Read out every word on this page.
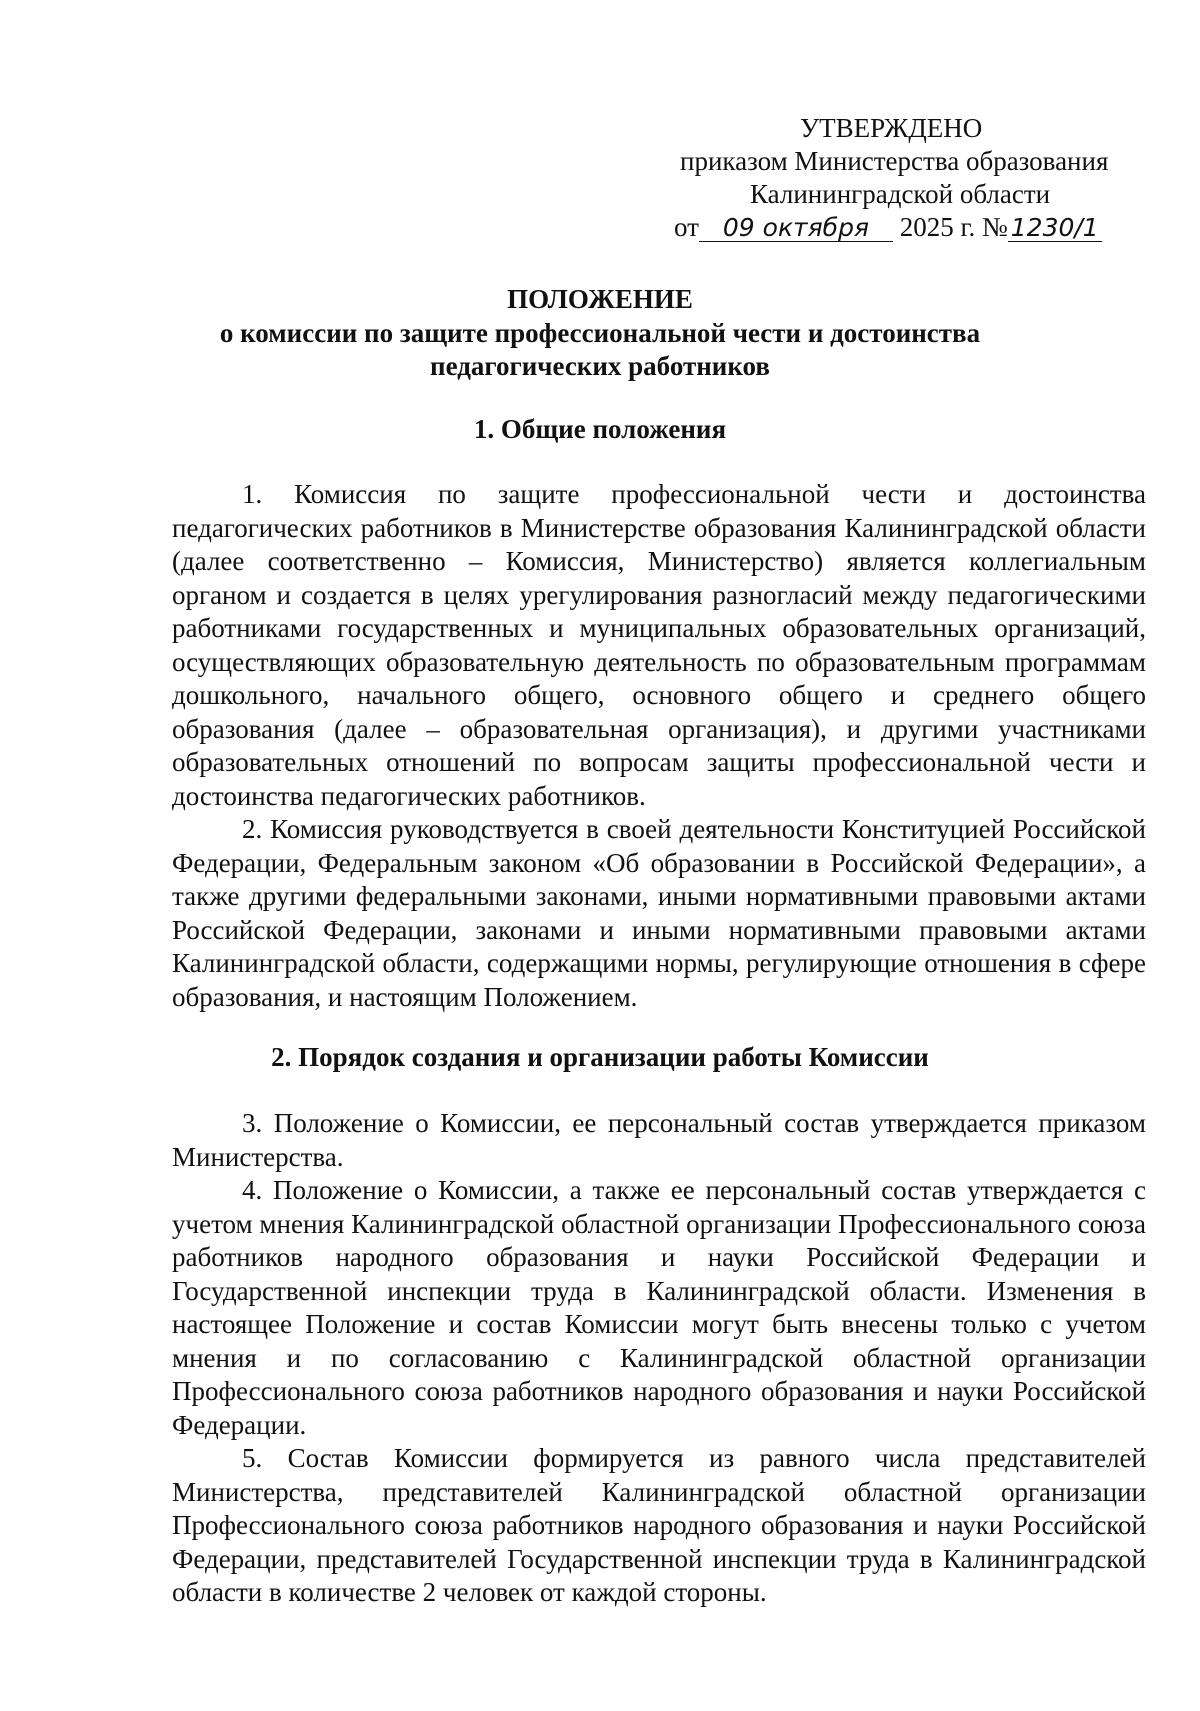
УТВЕРЖДЕНО
приказом Министерства образования
Калининградской области
от 09 октября 2025 г. № 1230/1
ПОЛОЖЕНИЕ
о комиссии по защите профессиональной чести и достоинства
педагогических работников
1. Общие положения

1. Комиссия по защите профессиональной чести и достоинства педагогических работников в Министерстве образования Калининградской области (далее соответственно – Комиссия, Министерство) является коллегиальным органом и создается в целях урегулирования разногласий между педагогическими работниками государственных и муниципальных образовательных организаций, осуществляющих образовательную деятельность по образовательным программам дошкольного, начального общего, основного общего и среднего общего образования (далее – образовательная организация), и другими участниками образовательных отношений по вопросам защиты профессиональной чести и достоинства педагогических работников.

2. Комиссия руководствуется в своей деятельности Конституцией Российской Федерации, Федеральным законом «Об образовании в Российской Федерации», а также другими федеральными законами, иными нормативными правовыми актами Российской Федерации, законами и иными нормативными правовыми актами Калининградской области, содержащими нормы, регулирующие отношения в сфере образования, и настоящим Положением.

2. Порядок создания и организации работы Комиссии

3. Положение о Комиссии, ее персональный состав утверждается приказом Министерства.

4. Положение о Комиссии, а также ее персональный состав утверждается с учетом мнения Калининградской областной организации Профессионального союза работников народного образования и науки Российской Федерации и Государственной инспекции труда в Калининградской области. Изменения в настоящее Положение и состав Комиссии могут быть внесены только с учетом мнения и по согласованию с Калининградской областной организации Профессионального союза работников народного образования и науки Российской Федерации.

5. Состав Комиссии формируется из равного числа представителей Министерства, представителей Калининградской областной организации Профессионального союза работников народного образования и науки Российской Федерации, представителей Государственной инспекции труда в Калининградской области в количестве 2 человек от каждой стороны.
